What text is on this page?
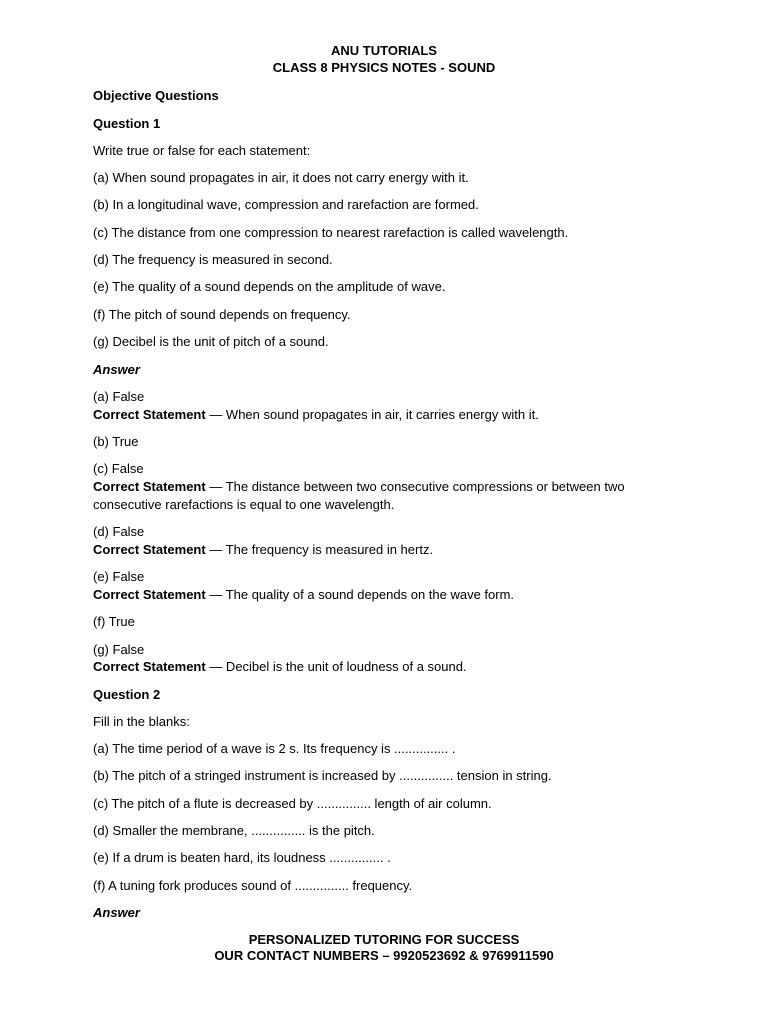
ANU TUTORIALS
CLASS 8 PHYSICS NOTES - SOUND
Objective Questions
Question 1
Write true or false for each statement:
(a) When sound propagates in air, it does not carry energy with it.
(b) In a longitudinal wave, compression and rarefaction are formed.
(c) The distance from one compression to nearest rarefaction is called wavelength.
(d) The frequency is measured in second.
(e) The quality of a sound depends on the amplitude of wave.
(f) The pitch of sound depends on frequency.
(g) Decibel is the unit of pitch of a sound.
Answer
(a) False
Correct Statement — When sound propagates in air, it carries energy with it.
(b) True
(c) False
Correct Statement — The distance between two consecutive compressions or between two
consecutive rarefactions is equal to one wavelength.
(d) False
Correct Statement — The frequency is measured in hertz.
(e) False
Correct Statement — The quality of a sound depends on the wave form.
(f) True
(g) False
Correct Statement — Decibel is the unit of loudness of a sound.
Question 2
Fill in the blanks:
(a) The time period of a wave is 2 s. Its frequency is ............... .
(b) The pitch of a stringed instrument is increased by ............... tension in string.
(c) The pitch of a flute is decreased by ............... length of air column.
(d) Smaller the membrane, ............... is the pitch.
(e) If a drum is beaten hard, its loudness ............... .
(f) A tuning fork produces sound of ............... frequency.
Answer
PERSONALIZED TUTORING FOR SUCCESS
OUR CONTACT NUMBERS – 9920523692 & 9769911590
